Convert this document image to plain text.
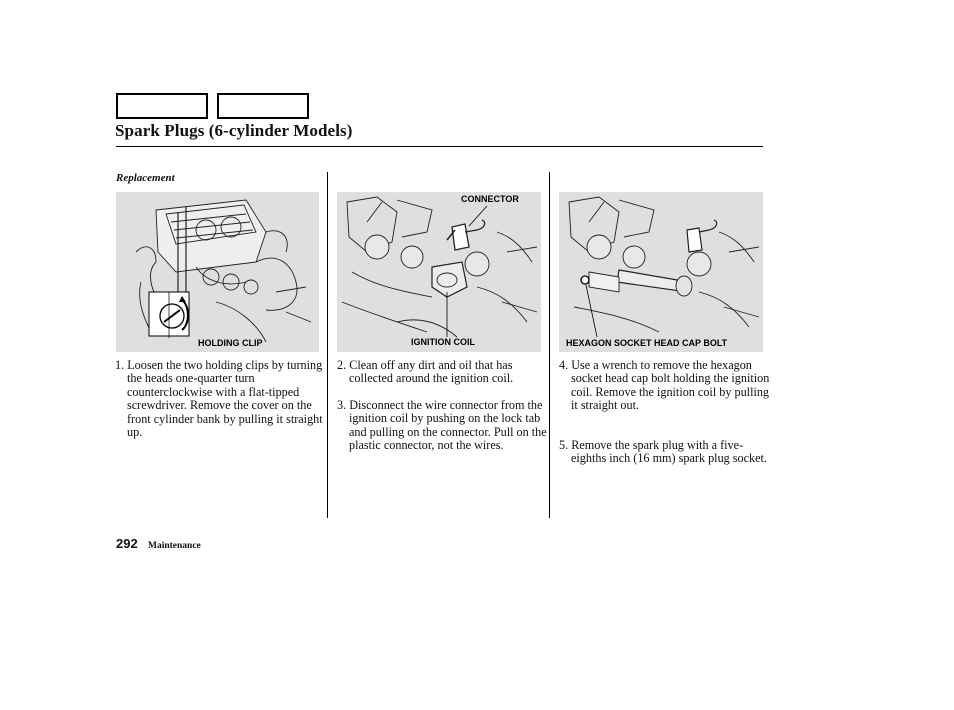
Spark Plugs (6-cylinder Models)
Replacement
HOLDING CLIP
CONNECTOR
IGNITION COIL	HEXAGON SOCKET HEAD CAP BOLT
1. Loosen the two holding clips by turning the heads one-quarter turn counterclockwise with a flat-tipped screwdriver. Remove the cover on the front cylinder bank by pulling it straight up.
2. Clean off any dirt and oil that has collected around the ignition coil.
3. Disconnect the wire connector from the ignition coil by pushing on the lock tab and pulling on the connector. Pull on the plastic connector, not the wires.
4. Use a wrench to remove the hexagon socket head cap bolt holding the ignition coil. Remove the ignition coil by pulling it straight out.
5. Remove the spark plug with a five-eighths inch (16 mm) spark plug socket.
292 Maintenance
